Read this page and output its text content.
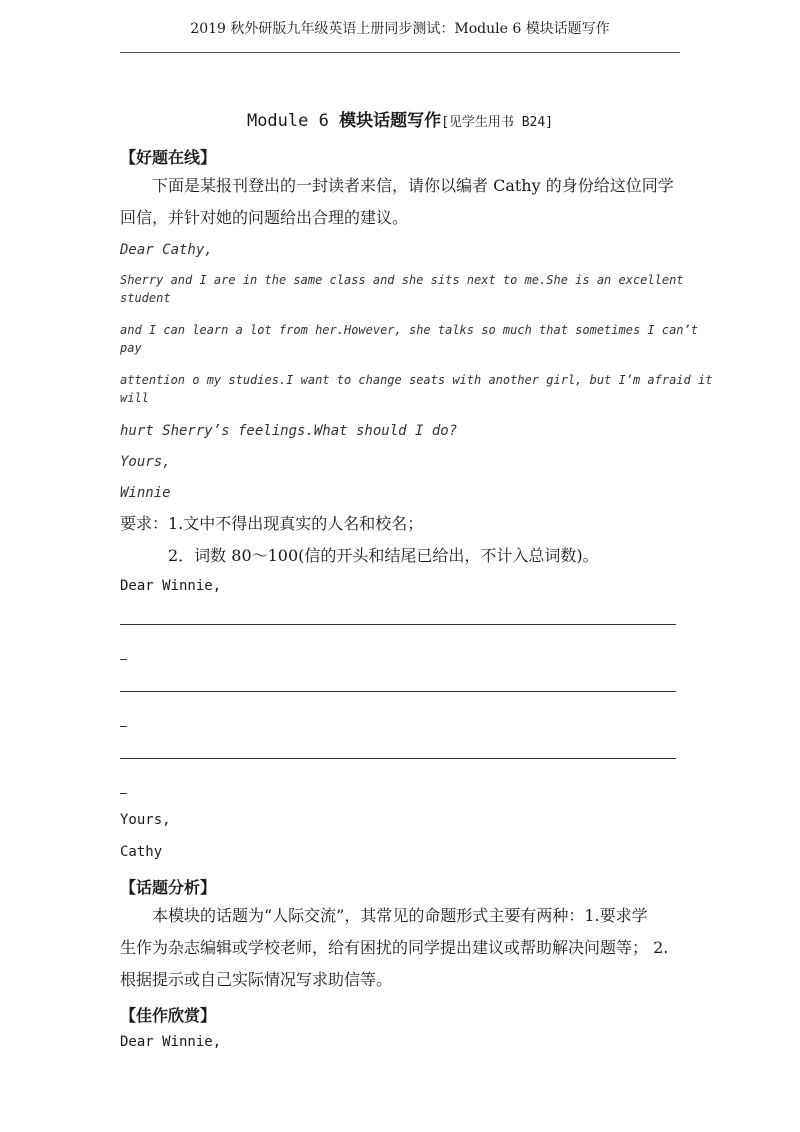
2019 秋外研版九年级英语上册同步测试：Module 6 模块话题写作
Module 6 模块话题写作[见学生用书 B24]
【好题在线】
下面是某报刊登出的一封读者来信，请你以编者 Cathy 的身份给这位同学
回信，并针对她的问题给出合理的建议。
Dear Cathy,
Sherry and I are in the same class and she sits next to me.She is an excellent
student
and I can learn a lot from her.However, she talks so much that sometimes I can’t
pay
attention o my studies.I want to change seats with another girl, but I’m afraid it
will
hurt Sherry’s feelings.What should I do?
Yours,
Winnie
要求：1.文中不得出现真实的人名和校名；
2．词数 80～100(信的开头和结尾已给出，不计入总词数)。
Dear Winnie,
Yours,
Cathy
【话题分析】
本模块的话题为“人际交流”，其常见的命题形式主要有两种：1.要求学
生作为杂志编辑或学校老师，给有困扰的同学提出建议或帮助解决问题等； 2.
根据提示或自己实际情况写求助信等。
【佳作欣赏】
Dear Winnie,
